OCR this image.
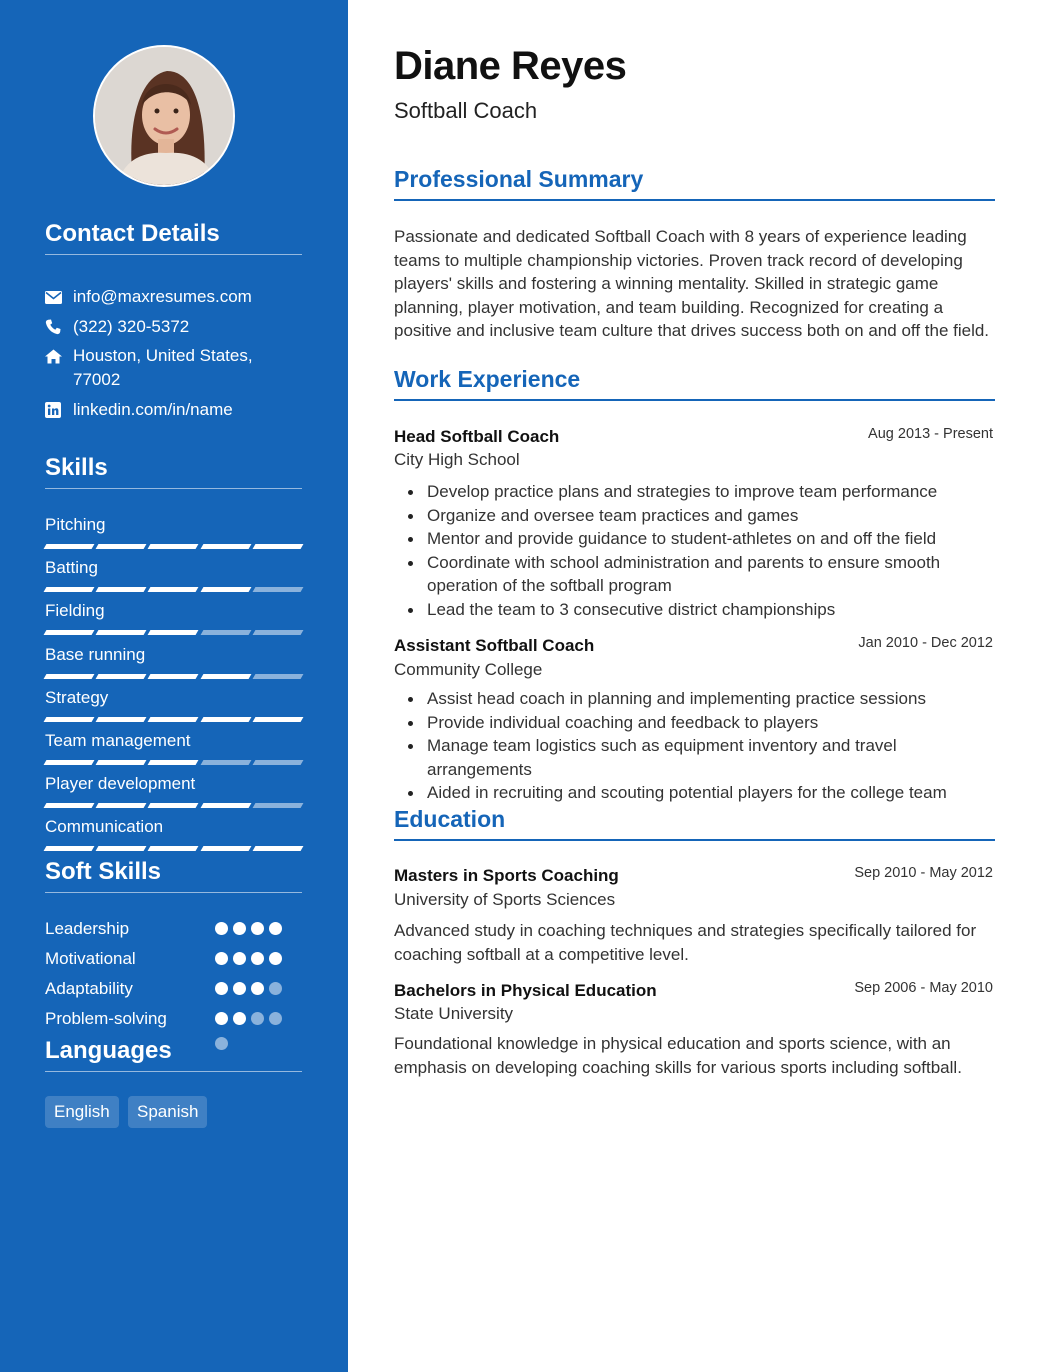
Contact Details
info@maxresumes.com
(322) 320-5372
Houston, United States,
77002
linkedin.com/in/name
Skills
Pitching
Batting
Fielding
Base running
Strategy
Team management
Player development
Communication
Soft Skills
Leadership
Motivational
Adaptability
Problem-solving
Languages
English	Spanish
Diane Reyes
Softball Coach
Professional Summary
Passionate and dedicated Softball Coach with 8 years of experience leading teams to multiple championship victories. Proven track record of developing players' skills and fostering a winning mentality. Skilled in strategic game planning, player motivation, and team building. Recognized for creating a positive and inclusive team culture that drives success both on and off the field.
Work Experience
Head Softball Coach	Aug 2013 - Present
City High School
Develop practice plans and strategies to improve team performance
Organize and oversee team practices and games
Mentor and provide guidance to student-athletes on and off the field
Coordinate with school administration and parents to ensure smooth operation of the softball program
Lead the team to 3 consecutive district championships
Assistant Softball Coach	Jan 2010 - Dec 2012
Community College
Assist head coach in planning and implementing practice sessions
Provide individual coaching and feedback to players
Manage team logistics such as equipment inventory and travel arrangements
Aided in recruiting and scouting potential players for the college team
Education
Masters in Sports Coaching	Sep 2010 - May 2012
University of Sports Sciences
Advanced study in coaching techniques and strategies specifically tailored for coaching softball at a competitive level.
Bachelors in Physical Education	Sep 2006 - May 2010
State University
Foundational knowledge in physical education and sports science, with an emphasis on developing coaching skills for various sports including softball.
